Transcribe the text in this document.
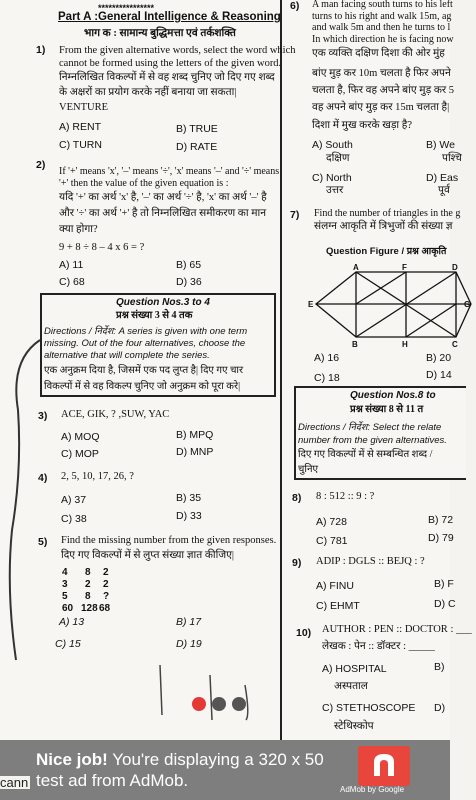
****************
Part A :General Intelligence & Reasoning
भाग क : सामान्य बुद्धिमत्ता एवं तर्कशक्ति
1) From the given alternative words, select the word which
cannot be formed using the letters of the given word.
निम्नलिखित विकल्पों में से वह शब्द चुनिए जो दिए गए शब्द
के अक्षरों का प्रयोग करके नहीं बनाया जा सकता|
VENTURE
A) RENT	B) TRUE
C) TURN	D) RATE
2)
If '+' means 'x', '–' means '÷', 'x' means '–' and '÷' means
'+' then the value of the given equation is :
यदि '+' का अर्थ 'x' है, '–' का अर्थ '÷' है, 'x' का अर्थ '–' है
और '÷' का अर्थ '+' है तो निम्नलिखित समीकरण का मान
क्या होगा?
9 + 8 ÷ 8 – 4 x 6 = ?
A) 11	B) 65
C) 68	D) 36
Question Nos.3 to 4
प्रश्न संख्या 3 से 4 तक
Directions / निर्देश: A series is given with one term
missing. Out of the four alternatives, choose the
alternative that will complete the series.
एक अनुक्रम दिया है, जिसमें एक पद लुप्त है| दिए गए चार
विकल्पों में से वह विकल्प चुनिए जो अनुक्रम को पूरा करे|
3) ACE, GIK, ? ,SUW, YAC
A) MOQ	B) MPQ
C) MOP	D) MNP
4) 2, 5, 10, 17, 26, ?
A) 37	B) 35
C) 38	D) 33
5) Find the missing number from the given responses.
दिए गए विकल्पों में से लुप्त संख्या ज्ञात कीजिए|
4 8 2
3 2 2
5 8 ?
60 128 68
A) 13	B) 17
C) 15	D) 19
6) A man facing south turns to his left
turns to his right and walk 15m, ag
and walk 5m and then he turns to l
In which direction he is facing now
एक व्यक्ति दक्षिण दिशा की ओर मुंह
बांए मुड़ कर 10m चलता है फिर अपने
चलता है, फिर वह अपने बांए मुड़ कर 5
वह अपने बांए मुड़ कर 15m चलता है|
दिशा में मुख करके खड़ा है?
A) South
दक्षिण
B) We
पश्चि
C) North
उत्तर
D) Eas
पूर्व
7) Find the number of triangles in the g
संलग्न आकृति में त्रिभुजों की संख्या ज्ञ
Question Figure / प्रश्न आकृति
A	F	D
E	G
B	H	C
A) 16	B) 20
C) 18	D) 14
Question Nos.8 to
प्रश्न संख्या 8 से 11 त
Directions / निर्देश: Select the relate
number from the given alternatives.
दिए गए विकल्पों में से सम्बन्धित शब्द /
चुनिए
8) 8 : 512 :: 9 : ?
A) 728	B) 72
C) 781	D) 79
9) ADIP : DGLS :: BEJQ : ?
A) FINU	B) F
C) EHMT	D) C
10) AUTHOR : PEN :: DOCTOR : ___
लेखक : पेन :: डॉक्टर : _____
A) HOSPITAL
अस्पताल
B)
C) STETHOSCOPE
स्टेथिस्कोप
D)
Nice job! You're displaying a 320 x 50
test ad from AdMob.	AdMob by Google
cann
